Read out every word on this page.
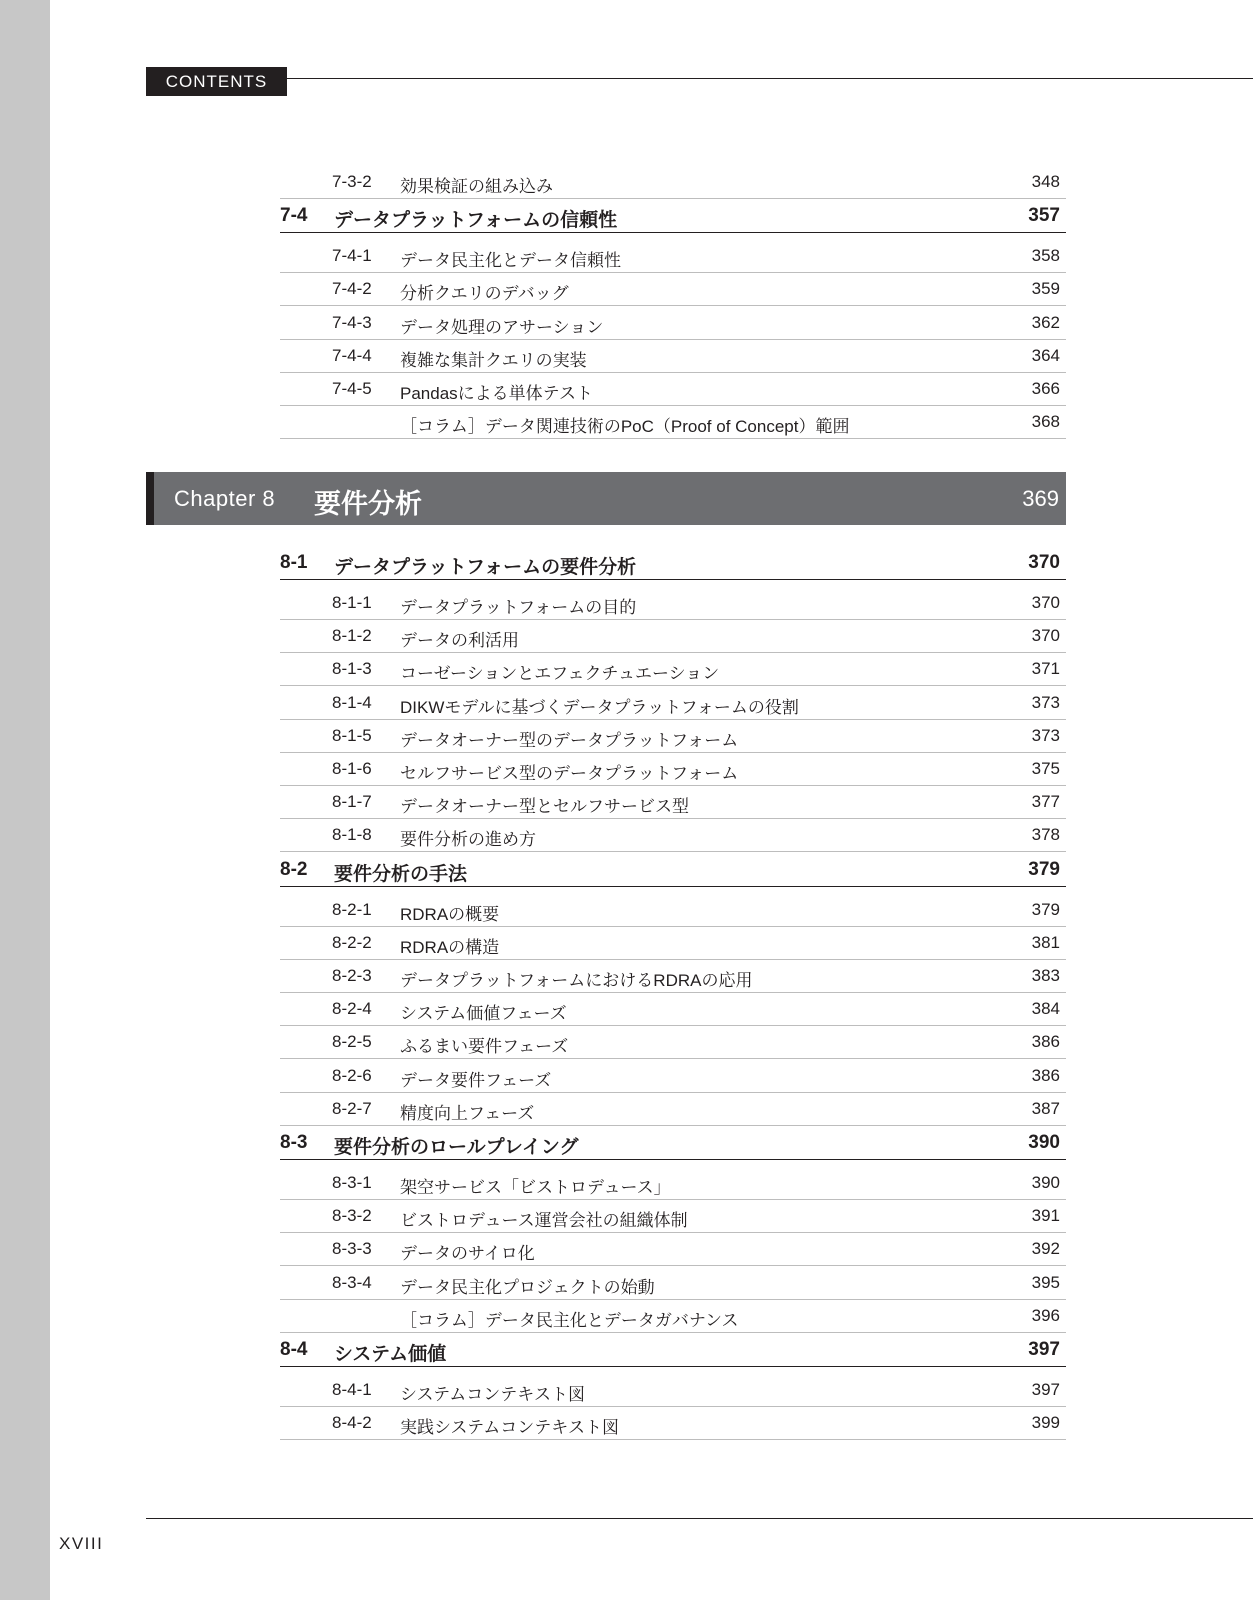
CONTENTS
7-3-2 効果検証の組み込み	348
7-4 データプラットフォームの信頼性	357
7-4-1 データ民主化とデータ信頼性	358
7-4-2 分析クエリのデバッグ	359
7-4-3 データ処理のアサーション	362
7-4-4 複雑な集計クエリの実装	364
7-4-5 Pandasによる単体テスト	366
［コラム］データ関連技術のPoC（Proof of Concept）範囲	368
Chapter 8 要件分析	369
8-1 データプラットフォームの要件分析	370
8-1-1 データプラットフォームの目的	370
8-1-2 データの利活用	370
8-1-3 コーゼーションとエフェクチュエーション	371
8-1-4 DIKWモデルに基づくデータプラットフォームの役割	373
8-1-5 データオーナー型のデータプラットフォーム	373
8-1-6 セルフサービス型のデータプラットフォーム	375
8-1-7 データオーナー型とセルフサービス型	377
8-1-8 要件分析の進め方	378
8-2 要件分析の手法	379
8-2-1 RDRAの概要	379
8-2-2 RDRAの構造	381
8-2-3 データプラットフォームにおけるRDRAの応用	383
8-2-4 システム価値フェーズ	384
8-2-5 ふるまい要件フェーズ	386
8-2-6 データ要件フェーズ	386
8-2-7 精度向上フェーズ	387
8-3 要件分析のロールプレイング	390
8-3-1 架空サービス「ビストロデュース」	390
8-3-2 ビストロデュース運営会社の組織体制	391
8-3-3 データのサイロ化	392
8-3-4 データ民主化プロジェクトの始動	395
［コラム］データ民主化とデータガバナンス	396
8-4 システム価値	397
8-4-1 システムコンテキスト図	397
8-4-2 実践システムコンテキスト図	399
XVIII
